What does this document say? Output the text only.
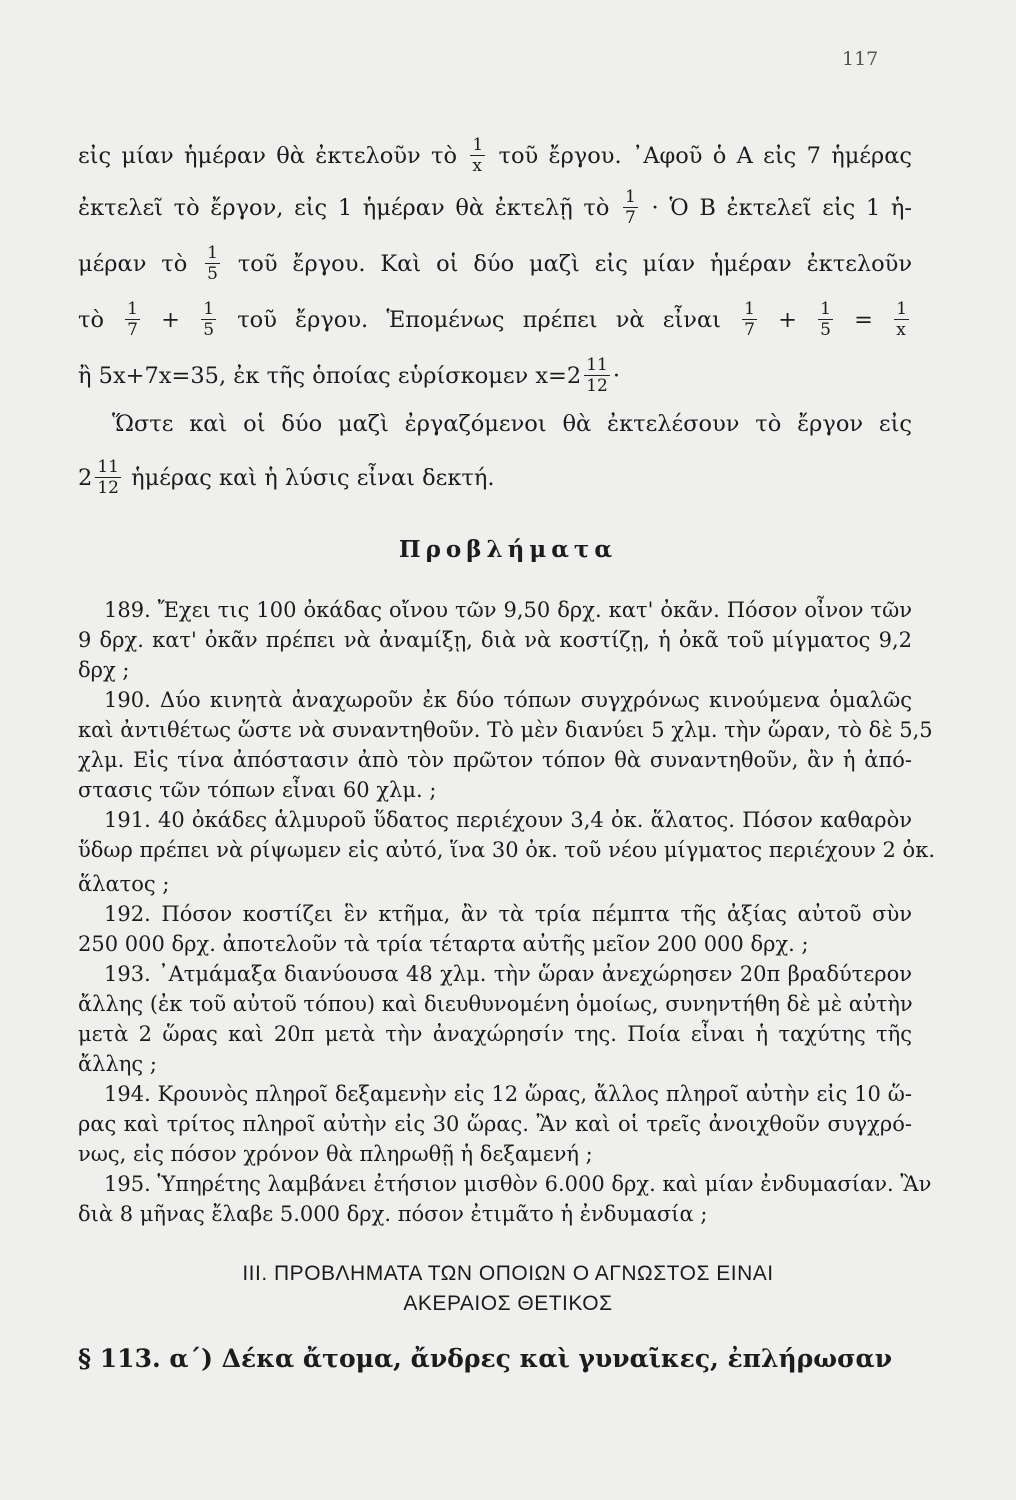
117
εἰς μίαν ἡμέραν θὰ ἐκτελοῦν τὸ $\frac{1}{x}$ τοῦ ἔργου. ᾿Αφοῦ ὁ Α εἰς 7 ἡμέρας
ἐκτελεῖ τὸ ἔργον, εἰς 1 ἡμέραν θὰ ἐκτελῇ τὸ $\frac{1}{7}$ · Ὁ Β ἐκτελεῖ εἰς 1 ἡ-
μέραν τὸ $\frac{1}{5}$ τοῦ ἔργου. Καὶ οἱ δύο μαζὶ εἰς μίαν ἡμέραν ἐκτελοῦν
τὸ $\frac{1}{7} + \frac{1}{5}$ τοῦ ἔργου. Ἑπομένως πρέπει νὰ εἶναι $\frac{1}{7} + \frac{1}{5} = \frac{1}{x}$
ἢ 5x+7x=35, ἐκ τῆς ὁποίας εὑρίσκομεν $x=2 \frac{11}{12}$ ·
Ὥστε καὶ οἱ δύο μαζὶ ἐργαζόμενοι θὰ ἐκτελέσουν τὸ ἔργον εἰς
$2 \frac{11}{12}$ ἡμέρας καὶ ἡ λύσις εἶναι δεκτή.
Προβλήματα
189. Ἔχει τις 100 ὀκάδας οἴνου τῶν 9,50 δρχ. κατ' ὀκᾶν. Πόσον οἶνον τῶν
9 δρχ. κατ' ὀκᾶν πρέπει νὰ ἀναμίξῃ, διὰ νὰ κοστίζῃ, ἡ ὀκᾶ τοῦ μίγματος 9,2
δρχ ;
190. Δύο κινητὰ ἀναχωροῦν ἐκ δύο τόπων συγχρόνως κινούμενα ὁμαλῶς
καὶ ἀντιθέτως ὥστε νὰ συναντηθοῦν. Τὸ μὲν διανύει 5 χλμ. τὴν ὥραν, τὸ δὲ 5,5
χλμ. Εἰς τίνα ἀπόστασιν ἀπὸ τὸν πρῶτον τόπον θὰ συναντηθοῦν, ἂν ἡ ἀπό-
στασις τῶν τόπων εἶναι 60 χλμ. ;
191. 40 ὀκάδες ἁλμυροῦ ὕδατος περιέχουν 3,4 ὀκ. ἅλατος. Πόσον καθαρὸν
ὕδωρ πρέπει νὰ ρίψωμεν εἰς αὐτό, ἵνα 30 ὀκ. τοῦ νέου μίγματος περιέχουν 2 ὀκ.
ἅλατος ;
192. Πόσον κοστίζει ἓν κτῆμα, ἂν τὰ τρία πέμπτα τῆς ἀξίας αὐτοῦ σὺν
250 000 δρχ. ἀποτελοῦν τὰ τρία τέταρτα αὐτῆς μεῖον 200 000 δρχ. ;
193. ᾿Ατμάμαξα διανύουσα 48 χλμ. τὴν ὥραν ἀνεχώρησεν 20π βραδύτερον
ἄλλης (ἐκ τοῦ αὐτοῦ τόπου) καὶ διευθυνομένη ὁμοίως, συνηντήθη δὲ μὲ αὐτὴν
μετὰ 2 ὥρας καὶ 20π μετὰ τὴν ἀναχώρησίν της. Ποία εἶναι ἡ ταχύτης τῆς
ἄλλης ;
194. Κρουνὸς πληροῖ δεξαμενὴν εἰς 12 ὥρας, ἄλλος πληροῖ αὐτὴν εἰς 10 ὥ-
ρας καὶ τρίτος πληροῖ αὐτὴν εἰς 30 ὥρας. Ἂν καὶ οἱ τρεῖς ἀνοιχθοῦν συγχρό-
νως, εἰς πόσον χρόνον θὰ πληρωθῇ ἡ δεξαμενή ;
195. Ὑπηρέτης λαμβάνει ἐτήσιον μισθὸν 6.000 δρχ. καὶ μίαν ἐνδυμασίαν. Ἂν
διὰ 8 μῆνας ἔλαβε 5.000 δρχ. πόσον ἐτιμᾶτο ἡ ἐνδυμασία ;
ΙΙΙ. ΠΡΟΒΛΗΜΑΤΑ ΤΩΝ ΟΠΟΙΩΝ Ο ΑΓΝΩΣΤΟΣ ΕΙΝΑΙ
ΑΚΕΡΑΙΟΣ ΘΕΤΙΚΟΣ
§ 113. α΄) Δέκα ἄτομα, ἄνδρες καὶ γυναῖκες, ἐπλήρωσαν
